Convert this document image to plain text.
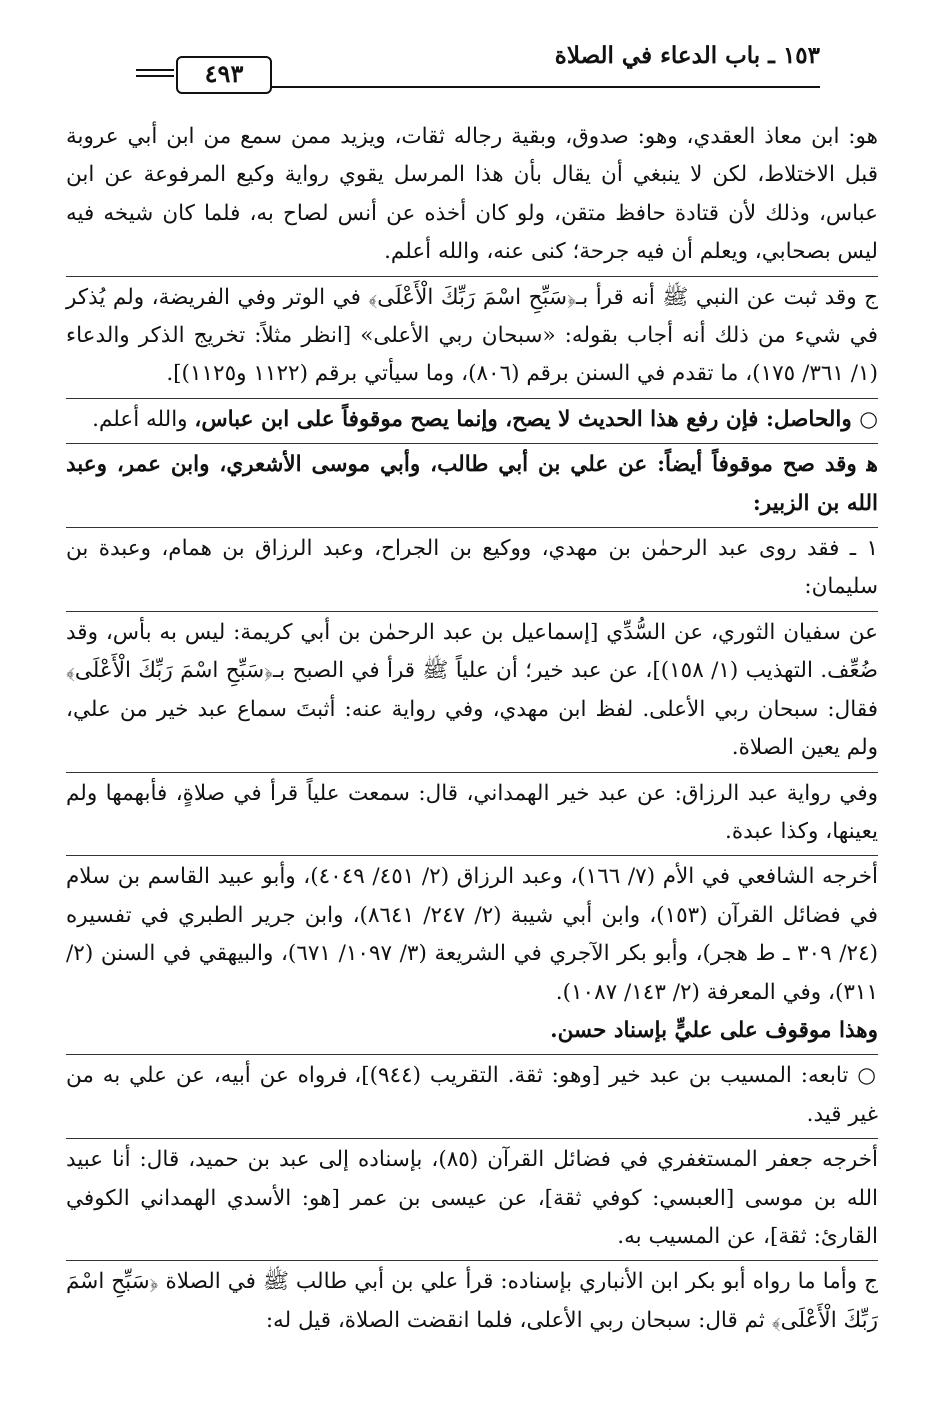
١٥٣ ـ باب الدعاء في الصلاة
٤٩٣

هو: ابن معاذ العقدي، وهو: صدوق، وبقية رجاله ثقات، ويزيد ممن سمع من ابن أبي عروبة قبل الاختلاط، لكن لا ينبغي أن يقال بأن هذا المرسل يقوي رواية وكيع المرفوعة عن ابن عباس، وذلك لأن قتادة حافظ متقن، ولو كان أخذه عن أنس لصاح به، فلما كان شيخه فيه ليس بصحابي، ويعلم أن فيه جرحة؛ كنى عنه، والله أعلم.

ج وقد ثبت عن النبي ﷺ أنه قرأ بـ﴿سَبِّحِ اسْمَ رَبِّكَ الْأَعْلَى﴾ في الوتر وفي الفريضة، ولم يُذكر في شيء من ذلك أنه أجاب بقوله: «سبحان ربي الأعلى» [انظر مثلاً: تخريج الذكر والدعاء (١/ ٣٦١/ ١٧٥)، ما تقدم في السنن برقم (٨٠٦)، وما سيأتي برقم (١١٢٢ و١١٢٥)].

○ والحاصل: فإن رفع هذا الحديث لا يصح، وإنما يصح موقوفاً على ابن عباس، والله أعلم.

ﮬ وقد صح موقوفاً أيضاً: عن علي بن أبي طالب، وأبي موسى الأشعري، وابن عمر، وعبد الله بن الزبير:

١ ـ فقد روى عبد الرحمٰن بن مهدي، ووكيع بن الجراح، وعبد الرزاق بن همام، وعبدة بن سليمان:

عن سفيان الثوري، عن السُّدِّي [إسماعيل بن عبد الرحمٰن بن أبي كريمة: ليس به بأس، وقد ضُعِّف. التهذيب (١/ ١٥٨)]، عن عبد خير؛ أن علياً ﷺ قرأ في الصبح بـ﴿سَبِّحِ اسْمَ رَبِّكَ الْأَعْلَى﴾ فقال: سبحان ربي الأعلى. لفظ ابن مهدي، وفي رواية عنه: أثبتَ سماع عبد خير من علي، ولم يعين الصلاة.

وفي رواية عبد الرزاق: عن عبد خير الهمداني، قال: سمعت علياً قرأ في صلاةٍ، فأبهمها ولم يعينها، وكذا عبدة.

أخرجه الشافعي في الأم (٧/ ١٦٦)، وعبد الرزاق (٢/ ٤٥١/ ٤٠٤٩)، وأبو عبيد القاسم بن سلام في فضائل القرآن (١٥٣)، وابن أبي شيبة (٢/ ٢٤٧/ ٨٦٤١)، وابن جرير الطبري في تفسيره (٢٤/ ٣٠٩ ـ ط هجر)، وأبو بكر الآجري في الشريعة (٣/ ١٠٩٧/ ٦٧١)، والبيهقي في السنن (٢/ ٣١١)، وفي المعرفة (٢/ ١٤٣/ ١٠٨٧).

وهذا موقوف على عليٍّ بإسناد حسن.

○ تابعه: المسيب بن عبد خير [وهو: ثقة. التقريب (٩٤٤)]، فرواه عن أبيه، عن علي به من غير قيد.

أخرجه جعفر المستغفري في فضائل القرآن (٨٥)، بإسناده إلى عبد بن حميد، قال: أنا عبيد الله بن موسى [العبسي: كوفي ثقة]، عن عيسى بن عمر [هو: الأسدي الهمداني الكوفي القارئ: ثقة]، عن المسيب به.

ج وأما ما رواه أبو بكر ابن الأنباري بإسناده: قرأ علي بن أبي طالب ﷺ في الصلاة ﴿سَبِّحِ اسْمَ رَبِّكَ الْأَعْلَى﴾ ثم قال: سبحان ربي الأعلى، فلما انقضت الصلاة، قيل له:
